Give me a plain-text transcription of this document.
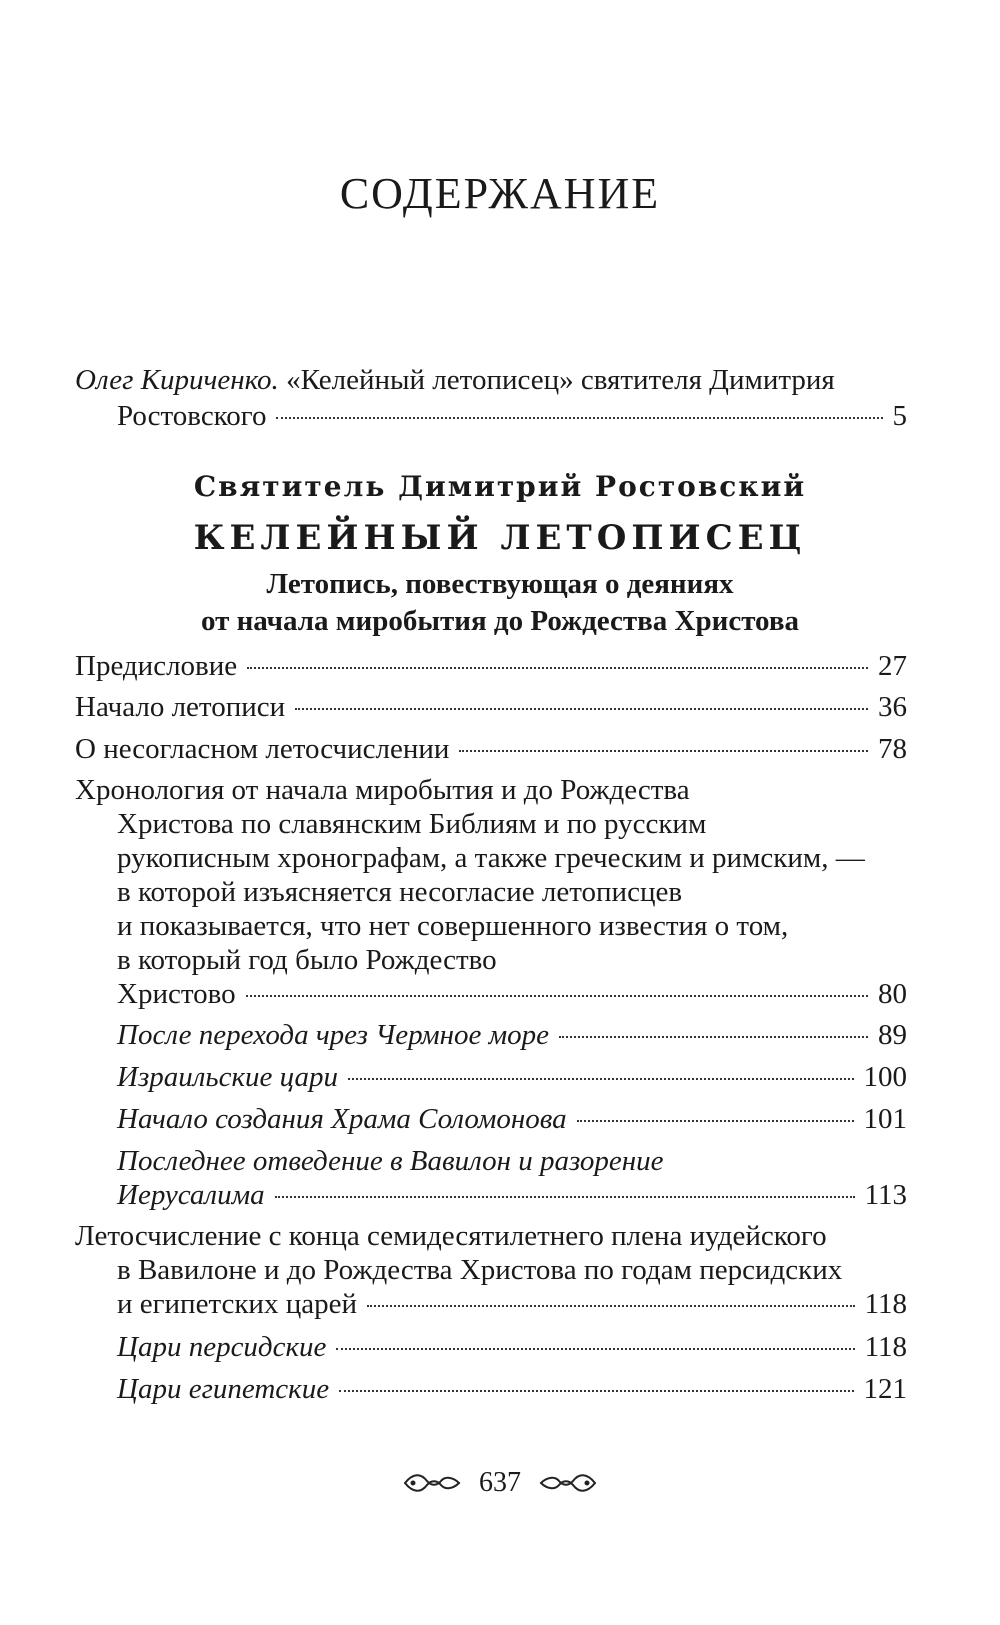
СОДЕРЖАНИЕ
Олег Кириченко. «Келейный летописец» святителя Димитрия
Ростовского	5
Святитель Димитрий Ростовский
КЕЛЕЙНЫЙ ЛЕТОПИСЕЦ
Летопись, повествующая о деяниях
от начала миробытия до Рождества Христова
Предисловие	27
Начало летописи	36
О несогласном летосчислении	78
Хронология от начала миробытия и до Рождества
Христова по славянским Библиям и по русским
рукописным хронографам, а также греческим и римским, —
в которой изъясняется несогласие летописцев
и показывается, что нет совершенного известия о том,
в который год было Рождество
Христово	80
После перехода чрез Чермное море	89
Израильские цари	100
Начало создания Храма Соломонова	101
Последнее отведение в Вавилон и разорение
Иерусалима	113
Летосчисление с конца семидесятилетнего плена иудейского
в Вавилоне и до Рождества Христова по годам персидских
и египетских царей	118
Цари персидские	118
Цари египетские	121
637
